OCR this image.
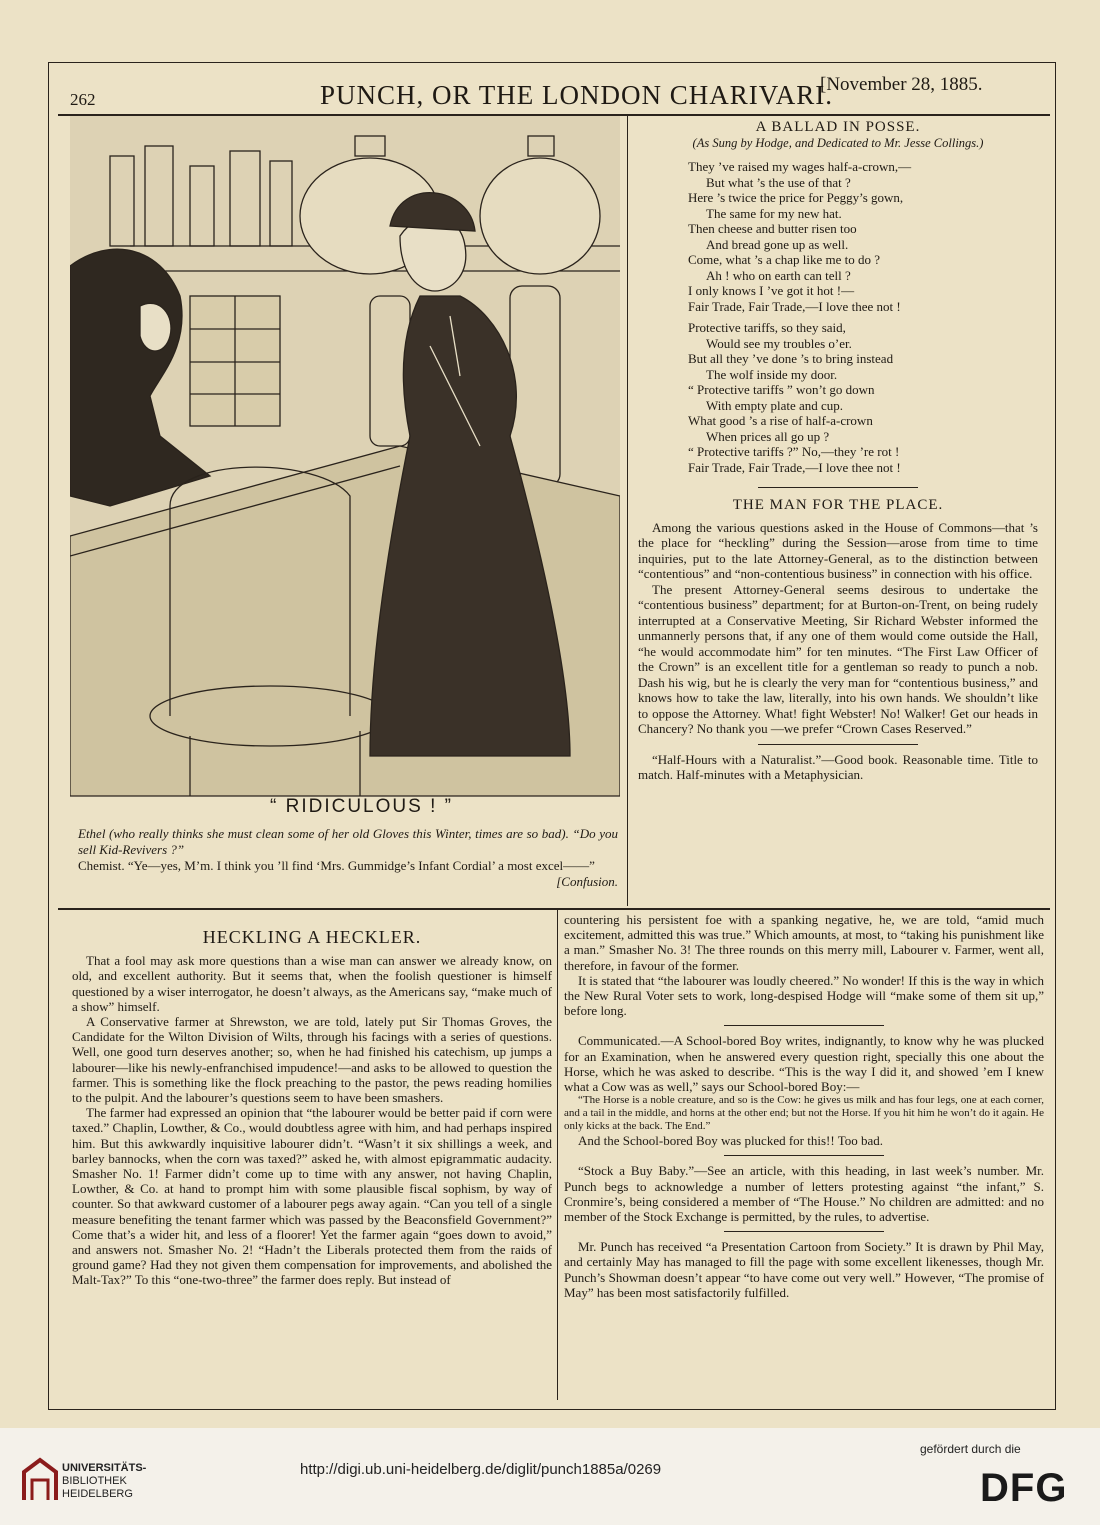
262	PUNCH, OR THE LONDON CHARIVARI.
[November 28, 1885.
“ RIDICULOUS ! ”
Ethel (who really thinks she must clean some of her old Gloves this Winter, times are so bad). “Do you sell Kid-Revivers ?”
Chemist. “Ye—yes, M’m. I think you ’ll find ‘Mrs. Gummidge’s Infant Cordial’ a most excel——”
[Confusion.
A BALLAD IN POSSE.
(As Sung by Hodge, and Dedicated to Mr. Jesse Collings.)
They ’ve raised my wages half-a-crown,—
But what ’s the use of that ?
Here ’s twice the price for Peggy’s gown,
The same for my new hat.
Then cheese and butter risen too
And bread gone up as well.
Come, what ’s a chap like me to do ?
Ah ! who on earth can tell ?
I only knows I ’ve got it hot !—
Fair Trade, Fair Trade,—I love thee not !
Protective tariffs, so they said,
Would see my troubles o’er.
But all they ’ve done ’s to bring instead
The wolf inside my door.
“ Protective tariffs ” won’t go down
With empty plate and cup.
What good ’s a rise of half-a-crown
When prices all go up ?
“ Protective tariffs ?” No,—they ’re rot !
Fair Trade, Fair Trade,—I love thee not !
THE MAN FOR THE PLACE.

Among the various questions asked in the House of Commons—that ’s the place for “heckling” during the Session—arose from time to time inquiries, put to the late Attorney-General, as to the distinction between “contentious” and “non-contentious business” in connection with his office.

The present Attorney-General seems desirous to undertake the “contentious business” department; for at Burton-on-Trent, on being rudely interrupted at a Conservative Meeting, Sir Richard Webster informed the unmannerly persons that, if any one of them would come outside the Hall, “he would accommodate him” for ten minutes. “The First Law Officer of the Crown” is an excellent title for a gentleman so ready to punch a nob. Dash his wig, but he is clearly the very man for “contentious business,” and knows how to take the law, literally, into his own hands. We shouldn’t like to oppose the Attorney. What! fight Webster! No! Walker! Get our heads in Chancery? No thank you —we prefer “Crown Cases Reserved.”

“Half-Hours with a Naturalist.”—Good book. Reasonable time. Title to match. Half-minutes with a Metaphysician.

HECKLING A HECKLER.

That a fool may ask more questions than a wise man can answer we already know, on old, and excellent authority. But it seems that, when the foolish questioner is himself questioned by a wiser interrogator, he doesn’t always, as the Americans say, “make much of a show” himself.

A Conservative farmer at Shrewston, we are told, lately put Sir Thomas Groves, the Candidate for the Wilton Division of Wilts, through his facings with a series of questions. Well, one good turn deserves another; so, when he had finished his catechism, up jumps a labourer—like his newly-enfranchised impudence!—and asks to be allowed to question the farmer. This is something like the flock preaching to the pastor, the pews reading homilies to the pulpit. And the labourer’s questions seem to have been smashers.

The farmer had expressed an opinion that “the labourer would be better paid if corn were taxed.” Chaplin, Lowther, & Co., would doubtless agree with him, and had perhaps inspired him. But this awkwardly inquisitive labourer didn’t. “Wasn’t it six shillings a week, and barley bannocks, when the corn was taxed?” asked he, with almost epigrammatic audacity. Smasher No. 1! Farmer didn’t come up to time with any answer, not having Chaplin, Lowther, & Co. at hand to prompt him with some plausible fiscal sophism, by way of counter. So that awkward customer of a labourer pegs away again. “Can you tell of a single measure benefiting the tenant farmer which was passed by the Beaconsfield Government?” Come that’s a wider hit, and less of a floorer! Yet the farmer again “goes down to avoid,” and answers not. Smasher No. 2! “Hadn’t the Liberals protected them from the raids of ground game? Had they not given them compensation for improvements, and abolished the Malt-Tax?” To this “one-two-three” the farmer does reply. But instead of

countering his persistent foe with a spanking negative, he, we are told, “amid much excitement, admitted this was true.” Which amounts, at most, to “taking his punishment like a man.” Smasher No. 3! The three rounds on this merry mill, Labourer v. Farmer, went all, therefore, in favour of the former.

It is stated that “the labourer was loudly cheered.” No wonder! If this is the way in which the New Rural Voter sets to work, long-despised Hodge will “make some of them sit up,” before long.

Communicated.—A School-bored Boy writes, indignantly, to know why he was plucked for an Examination, when he answered every question right, specially this one about the Horse, which he was asked to describe. “This is the way I did it, and showed ’em I knew what a Cow was as well,” says our School-bored Boy:—

“The Horse is a noble creature, and so is the Cow: he gives us milk and has four legs, one at each corner, and a tail in the middle, and horns at the other end; but not the Horse. If you hit him he won’t do it again. He only kicks at the back. The End.”

And the School-bored Boy was plucked for this!! Too bad.

“Stock a Buy Baby.”—See an article, with this heading, in last week’s number. Mr. Punch begs to acknowledge a number of letters protesting against “the infant,” S. Cronmire’s, being considered a member of “The House.” No children are admitted: and no member of the Stock Exchange is permitted, by the rules, to advertise.

Mr. Punch has received “a Presentation Cartoon from Society.” It is drawn by Phil May, and certainly May has managed to fill the page with some excellent likenesses, though Mr. Punch’s Showman doesn’t appear “to have come out very well.” However, “The promise of May” has been most satisfactorily fulfilled.

UNIVERSITÄTS-
BIBLIOTHEK
HEIDELBERG
http://digi.ub.uni-heidelberg.de/diglit/punch1885a/0269
gefördert durch die
DFG
